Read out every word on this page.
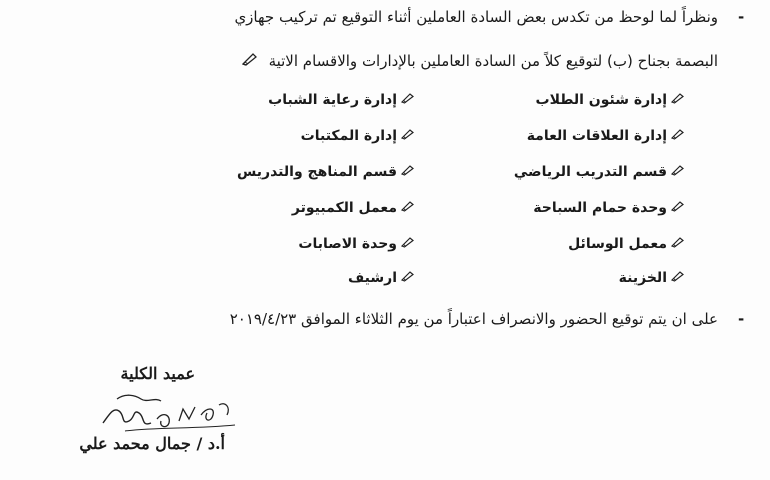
-
ونظراً لما لوحظ من تكدس بعض السادة العاملين أثناء التوقيع تم تركيب جهازي
البصمة بجناح (ب) لتوقيع كلاً من السادة العاملين بالإدارات والاقسام الاتية
إدارة شئون الطلاب
إدارة العلاقات العامة
قسم التدريب الرياضي
وحدة حمام السباحة
معمل الوسائل
الخزينة
إدارة رعاية الشباب
إدارة المكتبات
قسم المناهج والتدريس
معمل الكمبيوتر
وحدة الاصابات
ارشيف
-
على ان يتم توقيع الحضور والانصراف اعتباراً من يوم الثلاثاء الموافق ٢٠١٩/٤/٢٣
عميد الكلية
أ.د / جمال محمد علي
